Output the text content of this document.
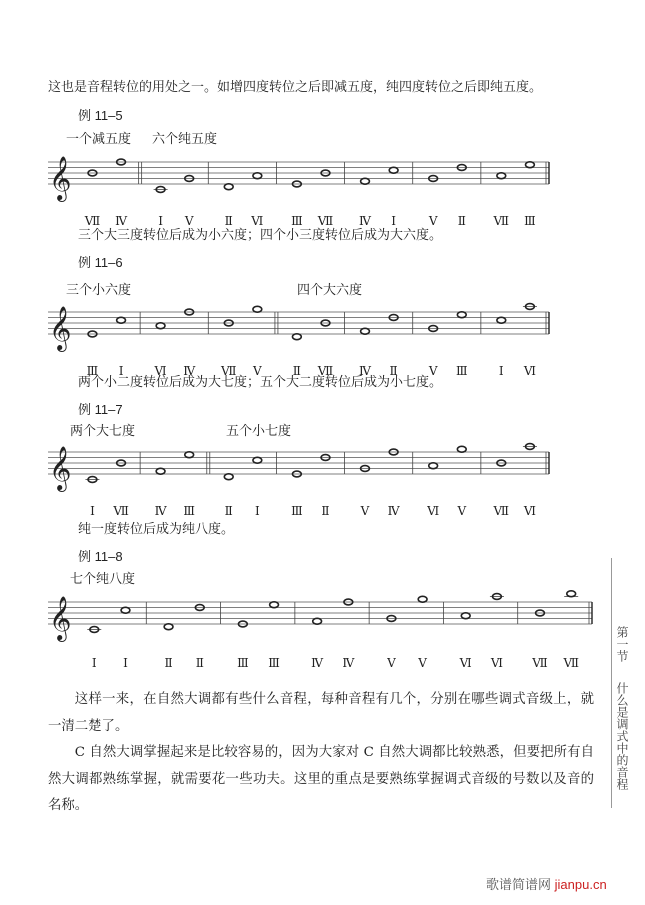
这也是音程转位的用处之一。如增四度转位之后即减五度，纯四度转位之后即纯五度。
例 11–5
一个减五度 六个纯五度
三个大三度转位后成为小六度；四个小三度转位后成为大六度。
例 11–6
三个小六度	四个大六度
两个小二度转位后成为大七度；五个大二度转位后成为小七度。
例 11–7
两个大七度	五个小七度
纯一度转位后成为纯八度。
例 11–8
七个纯八度
𝄞
Ⅶ Ⅳ	Ⅰ Ⅴ	Ⅱ Ⅵ Ⅲ Ⅶ Ⅳ Ⅰ	Ⅴ Ⅱ Ⅶ Ⅲ
𝄞
Ⅲ Ⅰ	Ⅵ Ⅳ Ⅶ Ⅴ	Ⅱ Ⅶ Ⅳ Ⅱ	Ⅴ Ⅲ	Ⅰ Ⅵ
𝄞
Ⅰ Ⅶ Ⅳ Ⅲ Ⅱ Ⅰ	Ⅲ Ⅱ	Ⅴ Ⅳ Ⅵ Ⅴ Ⅶ Ⅵ
𝄞
Ⅰ Ⅰ	Ⅱ Ⅱ	Ⅲ Ⅲ	Ⅳ Ⅳ	Ⅴ Ⅴ	Ⅵ Ⅵ Ⅶ Ⅶ

这样一来，在自然大调都有些什么音程，每种音程有几个，分别在哪些调式音级上，就一清二楚了。

C 自然大调掌握起来是比较容易的，因为大家对 C 自然大调都比较熟悉，但要把所有自然大调都熟练掌握，就需要花一些功夫。这里的重点是要熟练掌握调式音级的号数以及音的名称。

第一节
什么是调式中的音程
歌谱简谱网 jianpu.cn
